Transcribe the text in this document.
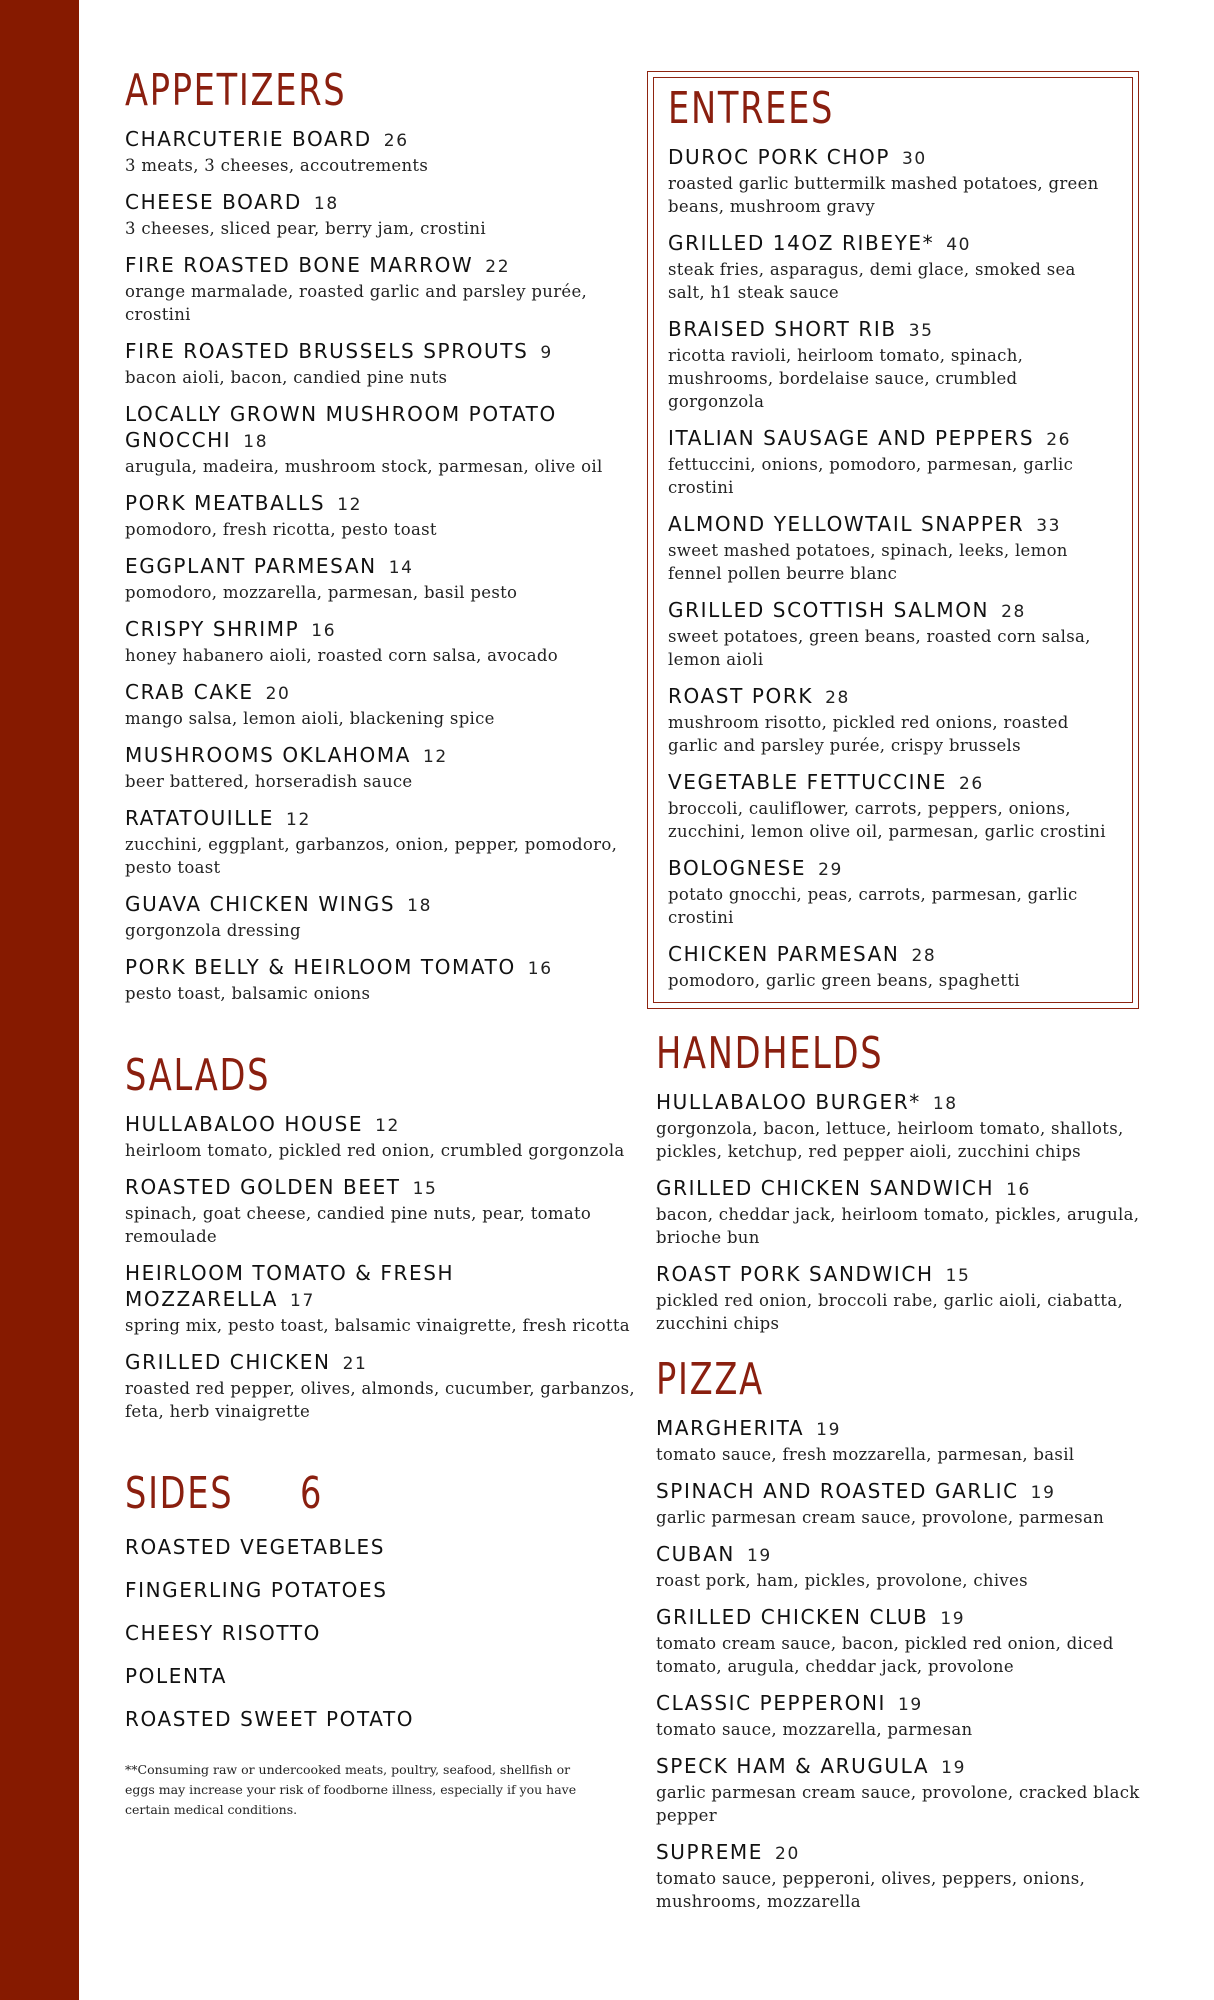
APPETIZERS
CHARCUTERIE BOARD 26
3 meats, 3 cheeses, accoutrements
CHEESE BOARD 18
3 cheeses, sliced pear, berry jam, crostini
FIRE ROASTED BONE MARROW 22
orange marmalade, roasted garlic and parsley purée, crostini
FIRE ROASTED BRUSSELS SPROUTS 9
bacon aioli, bacon, candied pine nuts
LOCALLY GROWN MUSHROOM POTATO GNOCCHI 18
arugula, madeira, mushroom stock, parmesan, olive oil
PORK MEATBALLS 12
pomodoro, fresh ricotta, pesto toast
EGGPLANT PARMESAN 14
pomodoro, mozzarella, parmesan, basil pesto
CRISPY SHRIMP 16
honey habanero aioli, roasted corn salsa, avocado
CRAB CAKE 20
mango salsa, lemon aioli, blackening spice
MUSHROOMS OKLAHOMA 12
beer battered, horseradish sauce
RATATOUILLE 12
zucchini, eggplant, garbanzos, onion, pepper, pomodoro, pesto toast
GUAVA CHICKEN WINGS 18
gorgonzola dressing
PORK BELLY & HEIRLOOM TOMATO 16
pesto toast, balsamic onions
SALADS
HULLABALOO HOUSE 12
heirloom tomato, pickled red onion, crumbled gorgonzola
ROASTED GOLDEN BEET 15
spinach, goat cheese, candied pine nuts, pear, tomato remoulade
HEIRLOOM TOMATO & FRESH MOZZARELLA 17
spring mix, pesto toast, balsamic vinaigrette, fresh ricotta
GRILLED CHICKEN 21
roasted red pepper, olives, almonds, cucumber, garbanzos, feta, herb vinaigrette
SIDES 6
ROASTED VEGETABLES
FINGERLING POTATOES
CHEESY RISOTTO
POLENTA
ROASTED SWEET POTATO
**Consuming raw or undercooked meats, poultry, seafood, shellfish or eggs may increase your risk of foodborne illness, especially if you have certain medical conditions.
ENTREES
DUROC PORK CHOP 30
roasted garlic buttermilk mashed potatoes, green beans, mushroom gravy
GRILLED 14OZ RIBEYE* 40
steak fries, asparagus, demi glace, smoked sea salt, h1 steak sauce
BRAISED SHORT RIB 35
ricotta ravioli, heirloom tomato, spinach, mushrooms, bordelaise sauce, crumbled gorgonzola
ITALIAN SAUSAGE AND PEPPERS 26
fettuccini, onions, pomodoro, parmesan, garlic crostini
ALMOND YELLOWTAIL SNAPPER 33
sweet mashed potatoes, spinach, leeks, lemon fennel pollen beurre blanc
GRILLED SCOTTISH SALMON 28
sweet potatoes, green beans, roasted corn salsa, lemon aioli
ROAST PORK 28
mushroom risotto, pickled red onions, roasted garlic and parsley purée, crispy brussels
VEGETABLE FETTUCCINE 26
broccoli, cauliflower, carrots, peppers, onions, zucchini, lemon olive oil, parmesan, garlic crostini
BOLOGNESE 29
potato gnocchi, peas, carrots, parmesan, garlic crostini
CHICKEN PARMESAN 28
pomodoro, garlic green beans, spaghetti
HANDHELDS
HULLABALOO BURGER* 18
gorgonzola, bacon, lettuce, heirloom tomato, shallots, pickles, ketchup, red pepper aioli, zucchini chips
GRILLED CHICKEN SANDWICH 16
bacon, cheddar jack, heirloom tomato, pickles, arugula, brioche bun
ROAST PORK SANDWICH 15
pickled red onion, broccoli rabe, garlic aioli, ciabatta, zucchini chips
PIZZA
MARGHERITA 19
tomato sauce, fresh mozzarella, parmesan, basil
SPINACH AND ROASTED GARLIC 19
garlic parmesan cream sauce, provolone, parmesan
CUBAN 19
roast pork, ham, pickles, provolone, chives
GRILLED CHICKEN CLUB 19
tomato cream sauce, bacon, pickled red onion, diced tomato, arugula, cheddar jack, provolone
CLASSIC PEPPERONI 19
tomato sauce, mozzarella, parmesan
SPECK HAM & ARUGULA 19
garlic parmesan cream sauce, provolone, cracked black pepper
SUPREME 20
tomato sauce, pepperoni, olives, peppers, onions, mushrooms, mozzarella
